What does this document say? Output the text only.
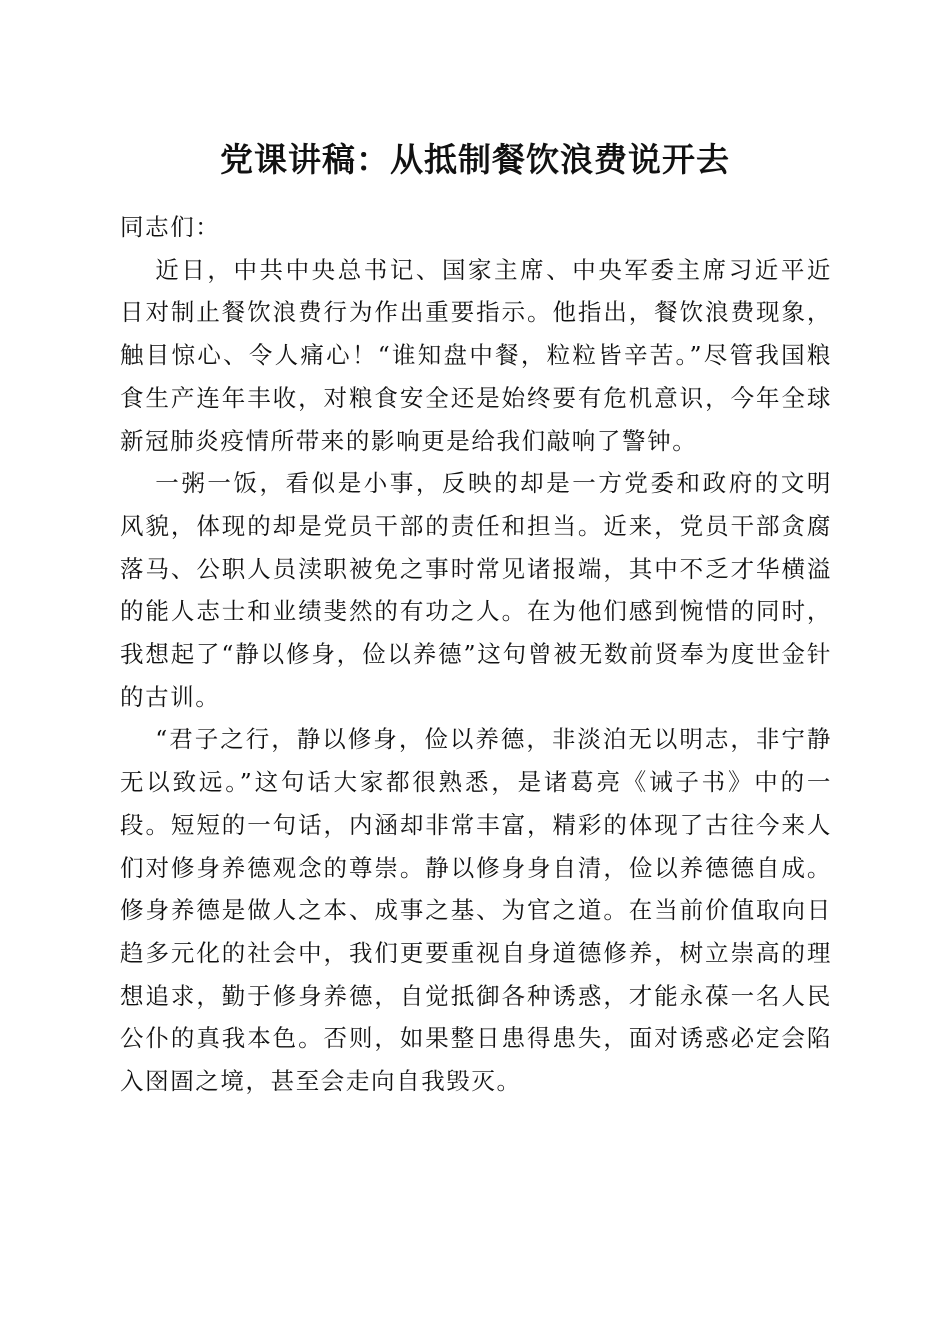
党课讲稿：从抵制餐饮浪费说开去

同志们：

近日，中共中央总书记、国家主席、中央军委主席习近平近日对制止餐饮浪费行为作出重要指示。他指出，餐饮浪费现象，触目惊心、令人痛心！“谁知盘中餐，粒粒皆辛苦。”尽管我国粮食生产连年丰收，对粮食安全还是始终要有危机意识，今年全球新冠肺炎疫情所带来的影响更是给我们敲响了警钟。

一粥一饭，看似是小事，反映的却是一方党委和政府的文明风貌，体现的却是党员干部的责任和担当。近来，党员干部贪腐落马、公职人员渎职被免之事时常见诸报端，其中不乏才华横溢的能人志士和业绩斐然的有功之人。在为他们感到惋惜的同时，我想起了“静以修身，俭以养德”这句曾被无数前贤奉为度世金针的古训。

“君子之行，静以修身，俭以养德，非淡泊无以明志，非宁静无以致远。”这句话大家都很熟悉，是诸葛亮《诫子书》中的一段。短短的一句话，内涵却非常丰富，精彩的体现了古往今来人们对修身养德观念的尊崇。静以修身身自清，俭以养德德自成。修身养德是做人之本、成事之基、为官之道。在当前价值取向日趋多元化的社会中，我们更要重视自身道德修养，树立崇高的理想追求，勤于修身养德，自觉抵御各种诱惑，才能永葆一名人民公仆的真我本色。否则，如果整日患得患失，面对诱惑必定会陷入囹圄之境，甚至会走向自我毁灭。
